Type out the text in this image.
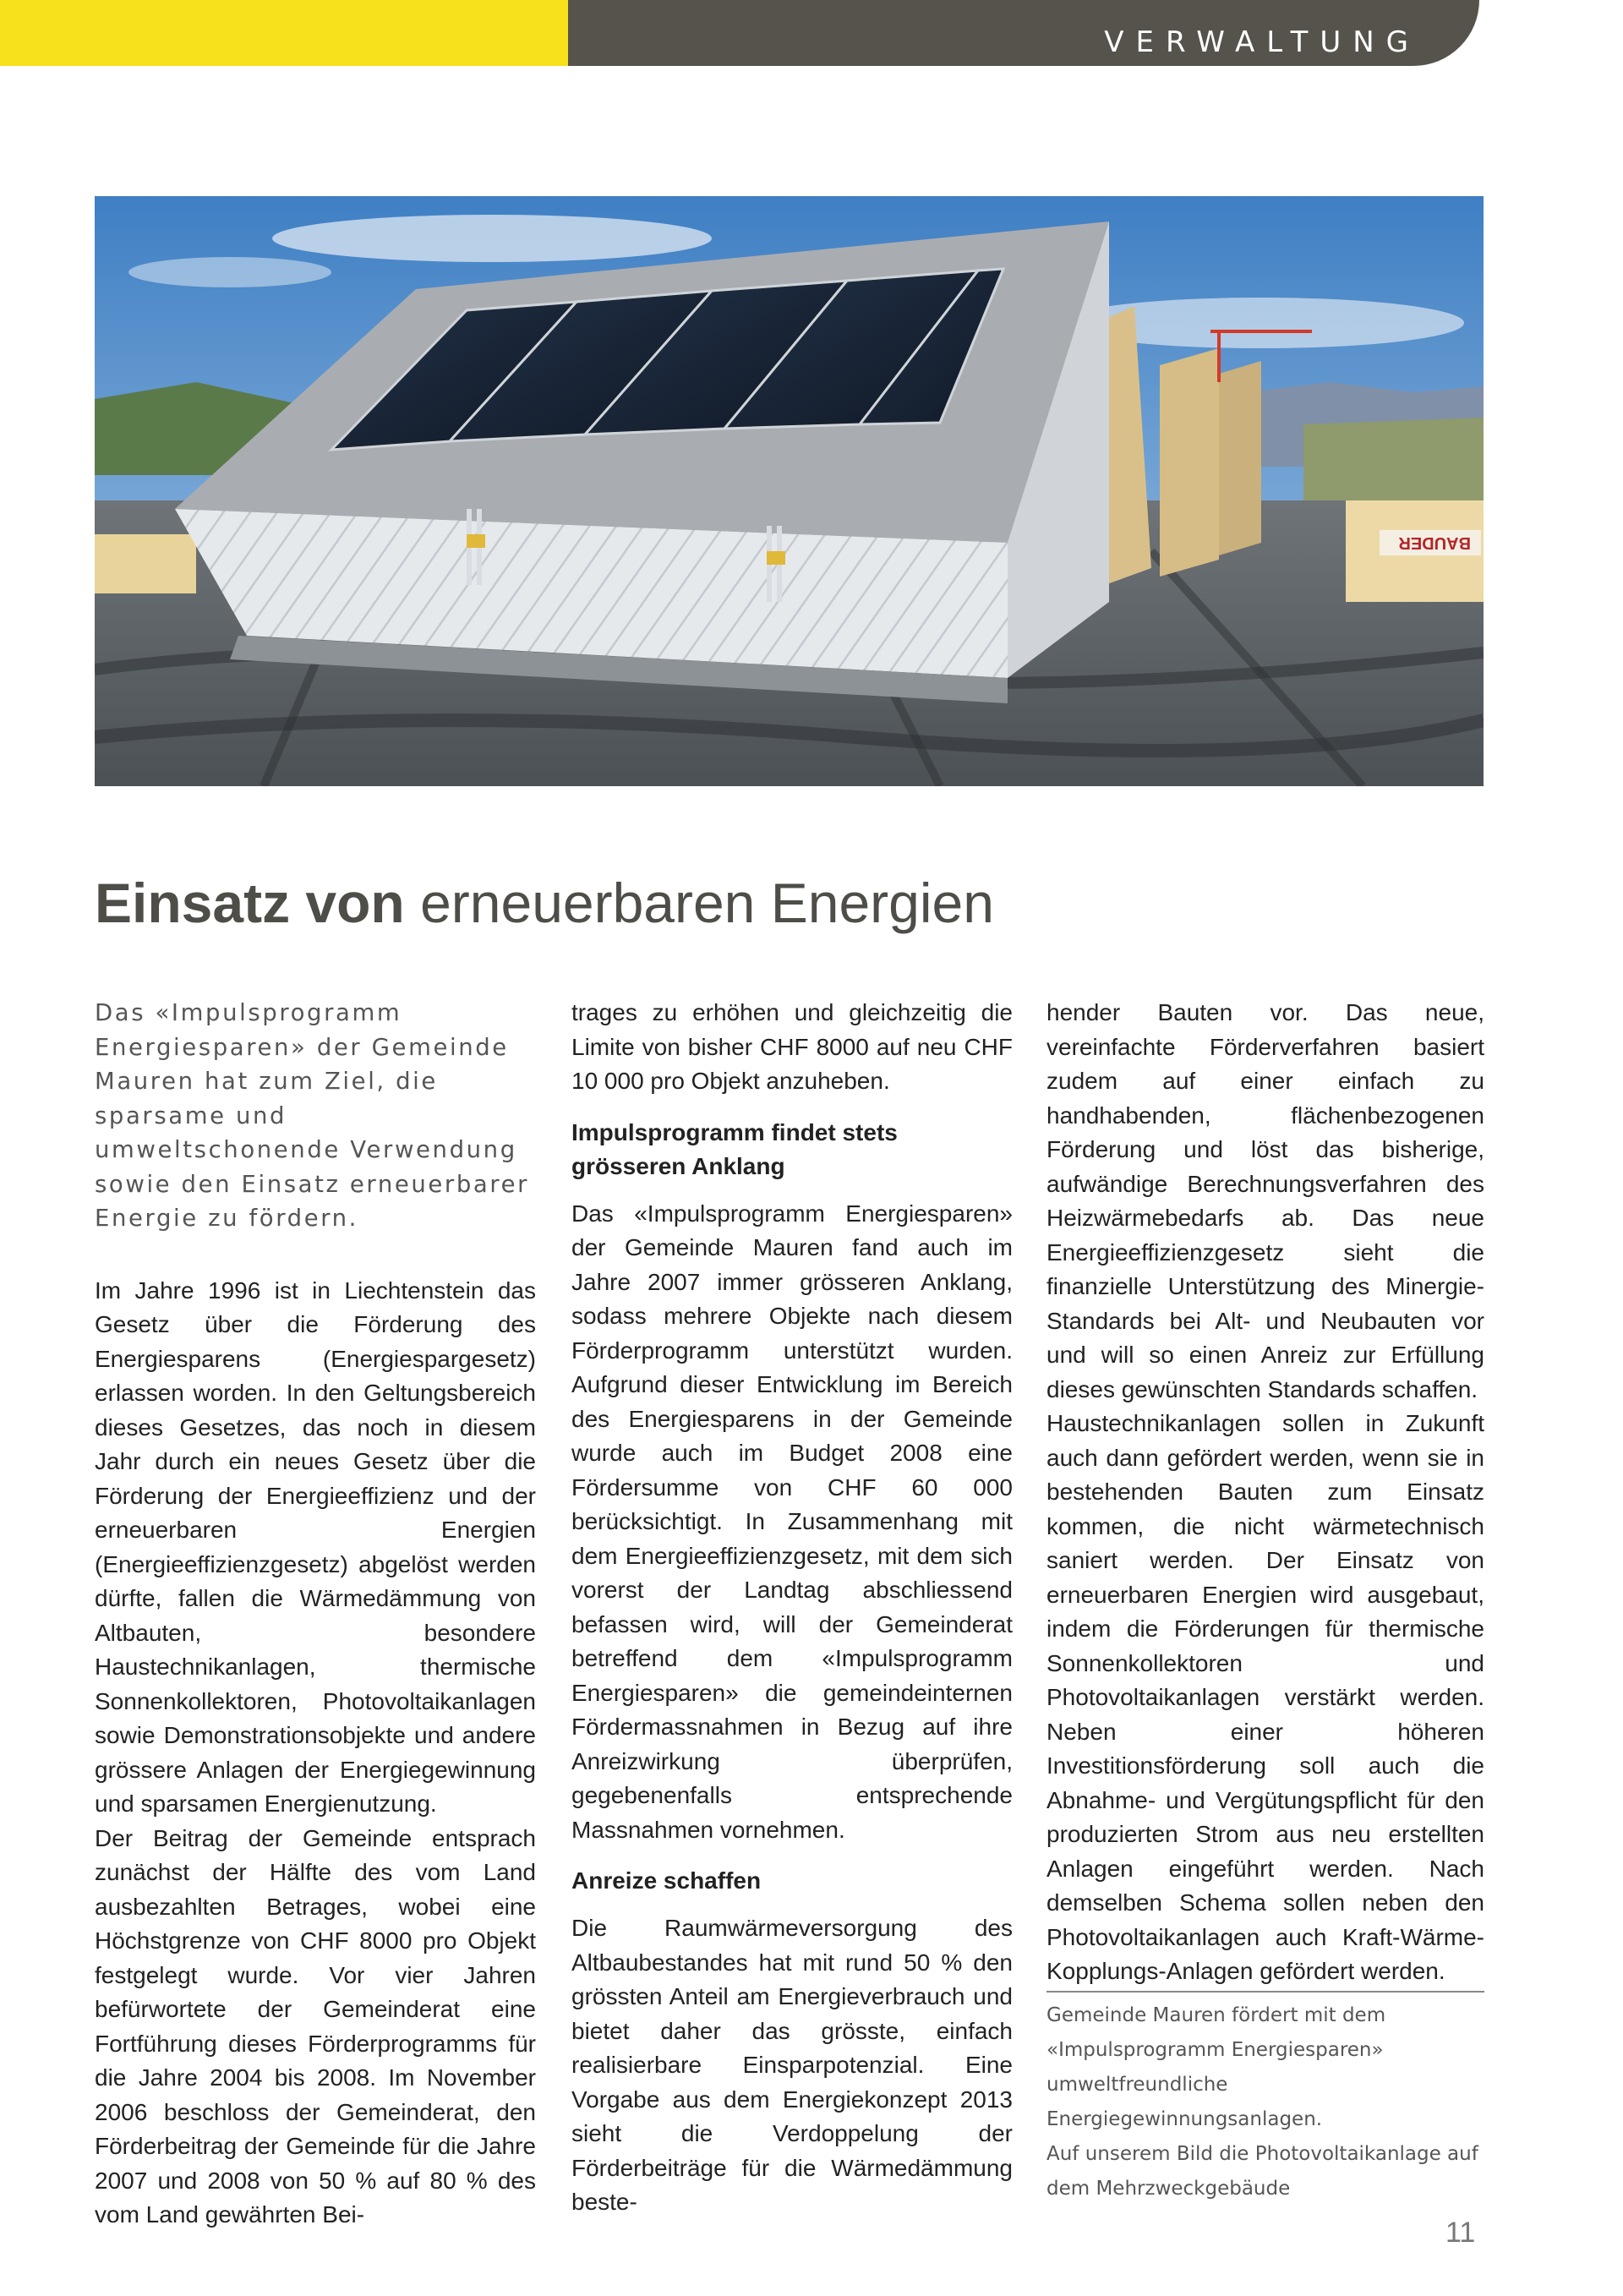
VERWALTUNG
BAUDER
Einsatz von erneuerbaren Energien

Das «Impulsprogramm Energiesparen» der Gemeinde Mauren hat zum Ziel, die sparsame und umweltschonende Verwendung sowie den Einsatz erneuerbarer Energie zu fördern.

Im Jahre 1996 ist in Liechtenstein das Gesetz über die Förderung des Energiesparens (Energiespargesetz) erlassen worden. In den Geltungsbereich dieses Gesetzes, das noch in diesem Jahr durch ein neues Gesetz über die Förderung der Energieeffizienz und der erneuerbaren Energien (Energieeffizienzgesetz) abgelöst werden dürfte, fallen die Wärmedämmung von Altbauten, besondere Haustechnikanlagen, thermische Sonnenkollektoren, Photovoltaikanlagen sowie Demonstrationsobjekte und andere grössere Anlagen der Energiegewinnung und sparsamen Energienutzung.

Der Beitrag der Gemeinde entsprach zunächst der Hälfte des vom Land ausbezahlten Betrages, wobei eine Höchstgrenze von CHF 8000 pro Objekt festgelegt wurde. Vor vier Jahren befürwortete der Gemeinderat eine Fortführung dieses Förderprogramms für die Jahre 2004 bis 2008. Im November 2006 beschloss der Gemeinderat, den Förderbeitrag der Gemeinde für die Jahre 2007 und 2008 von 50 % auf 80 % des vom Land gewährten Bei-

trages zu erhöhen und gleichzeitig die Limite von bisher CHF 8000 auf neu CHF 10 000 pro Objekt anzuheben.

Impulsprogramm findet stets grösseren Anklang

Das «Impulsprogramm Energiesparen» der Gemeinde Mauren fand auch im Jahre 2007 immer grösseren Anklang, sodass mehrere Objekte nach diesem Förderprogramm unterstützt wurden. Aufgrund dieser Entwicklung im Bereich des Energiesparens in der Gemeinde wurde auch im Budget 2008 eine Fördersumme von CHF 60 000 berücksichtigt. In Zusammenhang mit dem Energieeffizienzgesetz, mit dem sich vorerst der Landtag abschliessend befassen wird, will der Gemeinderat betreffend dem «Impulsprogramm Energiesparen» die gemeindeinternen Fördermassnahmen in Bezug auf ihre Anreizwirkung überprüfen, gegebenenfalls entsprechende Massnahmen vornehmen.

Anreize schaffen

Die Raumwärmeversorgung des Altbaubestandes hat mit rund 50 % den grössten Anteil am Energieverbrauch und bietet daher das grösste, einfach realisierbare Einsparpotenzial. Eine Vorgabe aus dem Energiekonzept 2013 sieht die Verdoppelung der Förderbeiträge für die Wärmedämmung beste-

hender Bauten vor. Das neue, vereinfachte Förderverfahren basiert zudem auf einer einfach zu handhabenden, flächenbezogenen Förderung und löst das bisherige, aufwändige Berechnungsverfahren des Heizwärmebedarfs ab. Das neue Energieeffizienzgesetz sieht die finanzielle Unterstützung des Minergie-Standards bei Alt- und Neubauten vor und will so einen Anreiz zur Erfüllung dieses gewünschten Standards schaffen.

Haustechnikanlagen sollen in Zukunft auch dann gefördert werden, wenn sie in bestehenden Bauten zum Einsatz kommen, die nicht wärmetechnisch saniert werden. Der Einsatz von erneuerbaren Energien wird ausgebaut, indem die Förderungen für thermische Sonnenkollektoren und Photovoltaikanlagen verstärkt werden. Neben einer höheren Investitionsförderung soll auch die Abnahme- und Vergütungspflicht für den produzierten Strom aus neu erstellten Anlagen eingeführt werden. Nach demselben Schema sollen neben den Photovoltaikanlagen auch Kraft-Wärme-Kopplungs-Anlagen gefördert werden.

Gemeinde Mauren fördert mit dem «Impulsprogramm Energiesparen» umweltfreundliche Energiegewinnungsanlagen.
Auf unserem Bild die Photovoltaikanlage auf dem Mehrzweckgebäude
11
